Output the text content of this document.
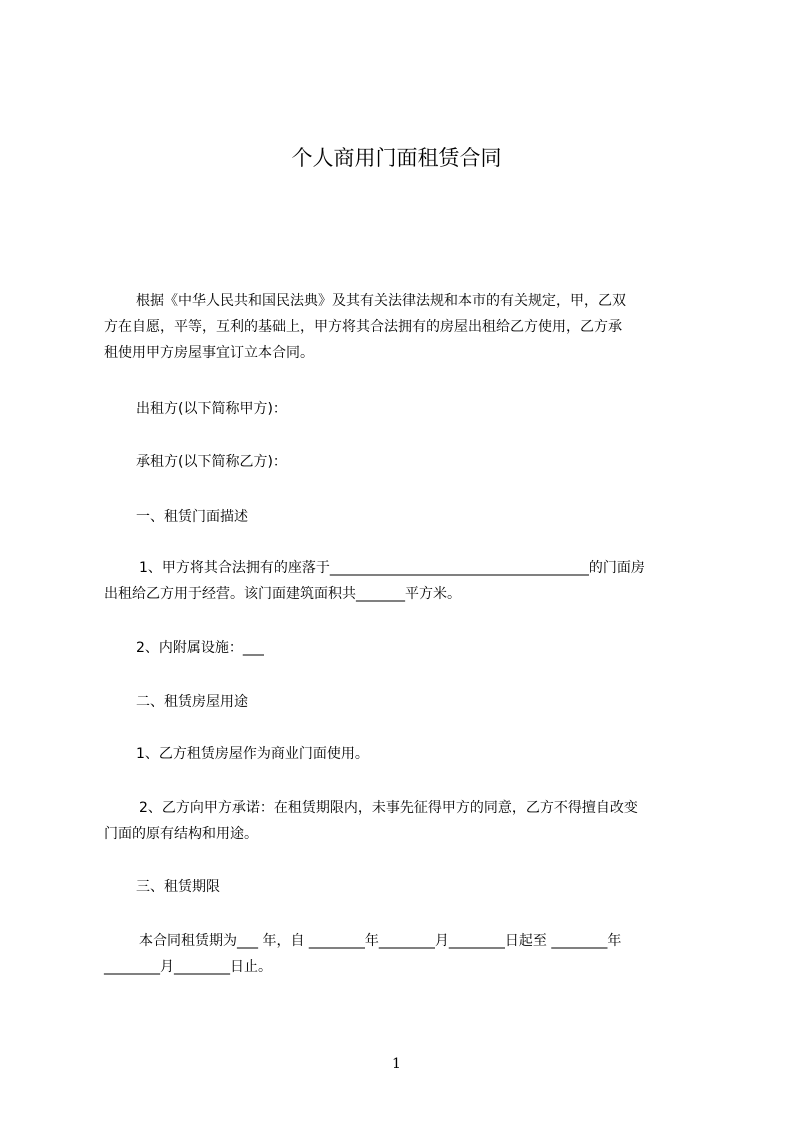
个人商用门面租赁合同
根据《中华人民共和国民法典》及其有关法律法规和本市的有关规定，甲，乙双
方在自愿，平等，互利的基础上，甲方将其合法拥有的房屋出租给乙方使用，乙方承
租使用甲方房屋事宜订立本合同。
出租方(以下简称甲方)：
承租方(以下简称乙方)：
一、租赁门面描述
1、甲方将其合法拥有的座落于_____________________________________的门面房
出租给乙方用于经营。该门面建筑面积共_______平方米。
2、内附属设施：___
二、租赁房屋用途
1、乙方租赁房屋作为商业门面使用。
2、乙方向甲方承诺：在租赁期限内，未事先征得甲方的同意，乙方不得擅自改变
门面的原有结构和用途。
三、租赁期限
本合同租赁期为___ 年，自 ________年________月________日起至 ________年
________月________日止。
1
